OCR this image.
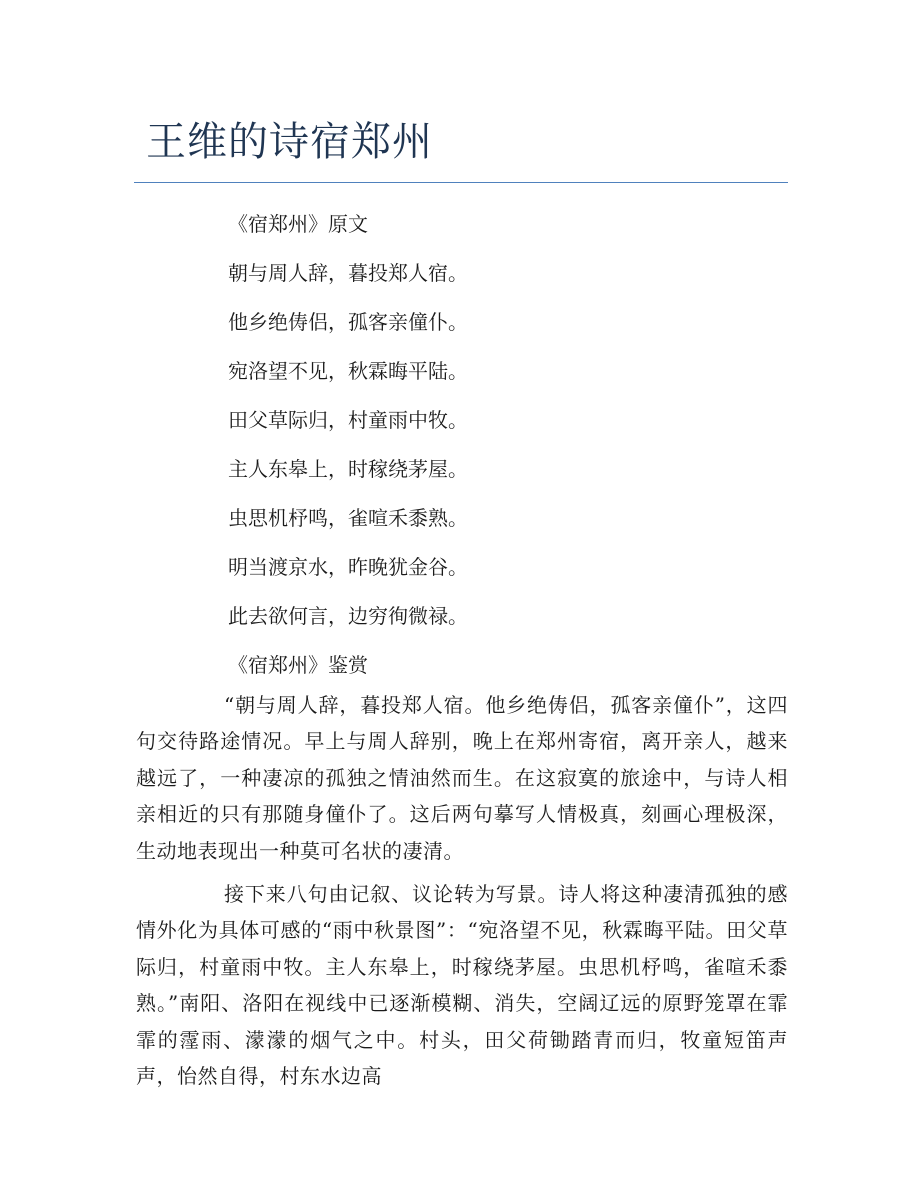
王维的诗宿郑州
《宿郑州》原文
朝与周人辞，暮投郑人宿。
他乡绝俦侣，孤客亲僮仆。
宛洛望不见，秋霖晦平陆。
田父草际归，村童雨中牧。
主人东皋上，时稼绕茅屋。
虫思机杼鸣，雀喧禾黍熟。
明当渡京水，昨晚犹金谷。
此去欲何言，边穷徇微禄。
《宿郑州》鉴赏

“朝与周人辞，暮投郑人宿。他乡绝俦侣，孤客亲僮仆”，这四句交待路途情况。早上与周人辞别，晚上在郑州寄宿，离开亲人，越来越远了，一种凄凉的孤独之情油然而生。在这寂寞的旅途中，与诗人相亲相近的只有那随身僮仆了。这后两句摹写人情极真，刻画心理极深，生动地表现出一种莫可名状的凄清。

接下来八句由记叙、议论转为写景。诗人将这种凄清孤独的感情外化为具体可感的“雨中秋景图”：“宛洛望不见，秋霖晦平陆。田父草际归，村童雨中牧。主人东皋上，时稼绕茅屋。虫思机杼鸣，雀喧禾黍熟。”南阳、洛阳在视线中已逐渐模糊、消失，空阔辽远的原野笼罩在霏霏的霪雨、濛濛的烟气之中。村头，田父荷锄踏青而归，牧童短笛声声，怡然自得，村东水边高
